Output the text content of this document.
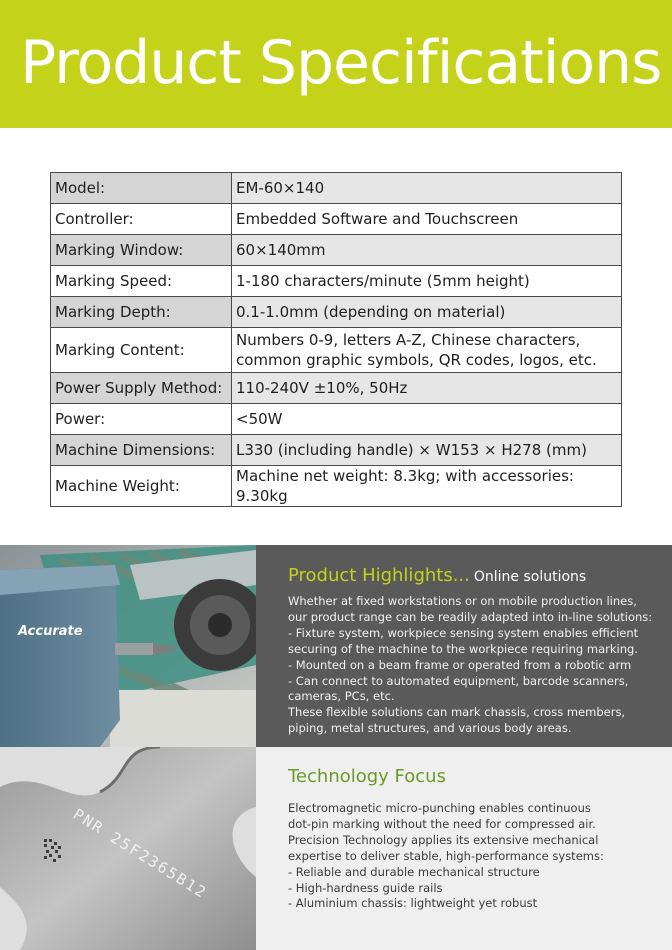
Product Specifications
Model:	EM-60×140
Controller:	Embedded Software and Touchscreen
Marking Window:	60×140mm
Marking Speed:	1-180 characters/minute (5mm height)
Marking Depth:	0.1-1.0mm (depending on material)
Marking Content:	Numbers 0-9, letters A-Z, Chinese characters,
common graphic symbols, QR codes, logos, etc.

Power Supply Method:	110-240V ±10%, 50Hz
Power:	<50W
Machine Dimensions:	L330 (including handle) × W153 × H278 (mm)
Machine Weight:	Machine net weight: 8.3kg; with accessories: 9.30kg
Accurate
Product Highlights... Online solutions
Whether at fixed workstations or on mobile production lines,
our product range can be readily adapted into in-line solutions:
- Fixture system, workpiece sensing system enables efficient
securing of the machine to the workpiece requiring marking.
- Mounted on a beam frame or operated from a robotic arm
- Can connect to automated equipment, barcode scanners,
cameras, PCs, etc.
These flexible solutions can mark chassis, cross members,
piping, metal structures, and various body areas.
PNR 25F2365B12
Technology Focus
Electromagnetic micro-punching enables continuous
dot-pin marking without the need for compressed air.
Precision Technology applies its extensive mechanical
expertise to deliver stable, high-performance systems:
- Reliable and durable mechanical structure
- High-hardness guide rails
- Aluminium chassis: lightweight yet robust
